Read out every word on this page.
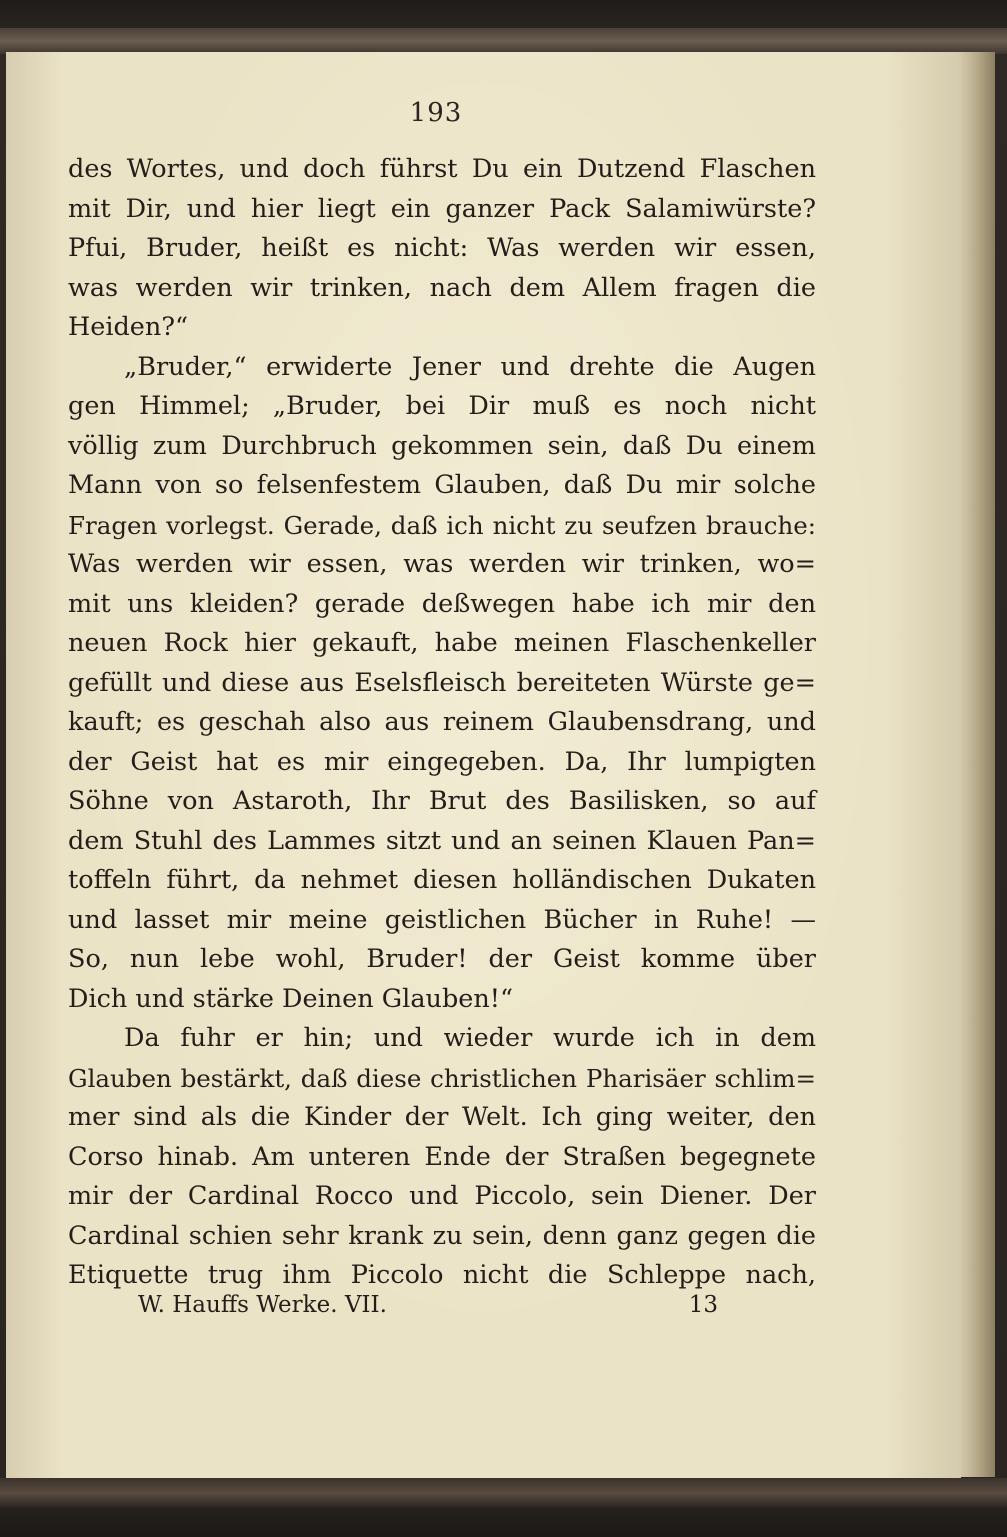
193
des Wortes, und doch führst Du ein Dutzend Flaschen
mit Dir, und hier liegt ein ganzer Pack Salamiwürste?
Pfui, Bruder, heißt es nicht: Was werden wir essen,
was werden wir trinken, nach dem Allem fragen die
Heiden?“
„Bruder,“ erwiderte Jener und drehte die Augen
gen Himmel; „Bruder, bei Dir muß es noch nicht
völlig zum Durchbruch gekommen sein, daß Du einem
Mann von so felsenfestem Glauben, daß Du mir solche
Fragen vorlegst. Gerade, daß ich nicht zu seufzen brauche:
Was werden wir essen, was werden wir trinken, wo=
mit uns kleiden? gerade deßwegen habe ich mir den
neuen Rock hier gekauft, habe meinen Flaschenkeller
gefüllt und diese aus Eselsfleisch bereiteten Würste ge=
kauft; es geschah also aus reinem Glaubensdrang, und
der Geist hat es mir eingegeben. Da, Ihr lumpigten
Söhne von Astaroth, Ihr Brut des Basilisken, so auf
dem Stuhl des Lammes sitzt und an seinen Klauen Pan=
toffeln führt, da nehmet diesen holländischen Dukaten
und lasset mir meine geistlichen Bücher in Ruhe! —
So, nun lebe wohl, Bruder! der Geist komme über
Dich und stärke Deinen Glauben!“
Da fuhr er hin; und wieder wurde ich in dem
Glauben bestärkt, daß diese christlichen Pharisäer schlim=
mer sind als die Kinder der Welt. Ich ging weiter, den
Corso hinab. Am unteren Ende der Straßen begegnete
mir der Cardinal Rocco und Piccolo, sein Diener. Der
Cardinal schien sehr krank zu sein, denn ganz gegen die
Etiquette trug ihm Piccolo nicht die Schleppe nach,
W. Hauffs Werke. VII.	13
